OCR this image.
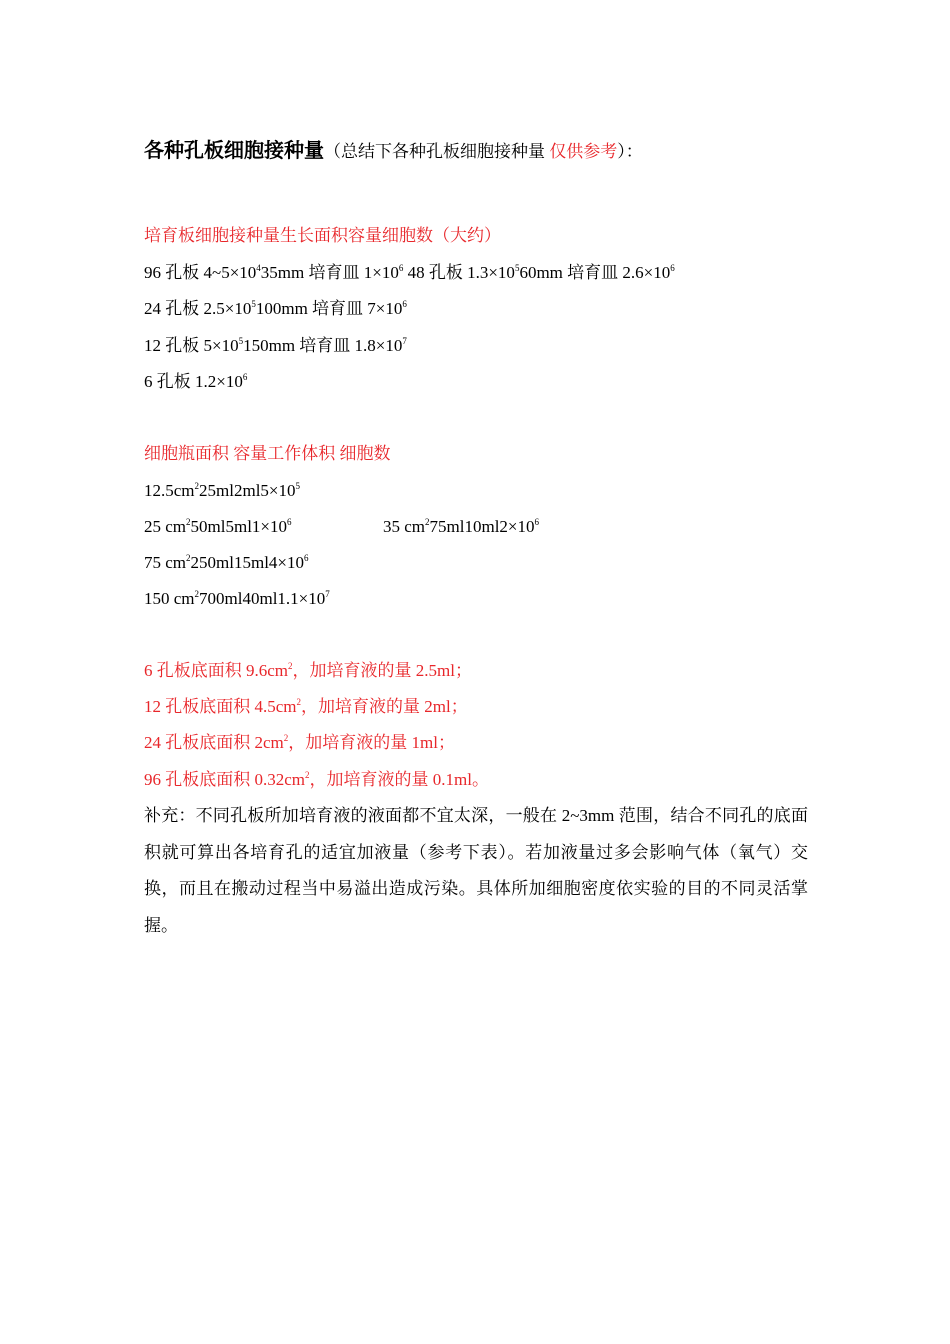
各种孔板细胞接种量（总结下各种孔板细胞接种量 仅供参考）：
培育板细胞接种量生长面积容量细胞数（大约）
96 孔板 $4\sim 5\times 10^435mm$ 培育皿 $1\times 10^6$ 48 孔板 $1.3\times 10^560mm$ 培育皿 $2.6\times 10^6$
24 孔板 $2.5\times 10^5100mm$ 培育皿 $7\times 10^6$
12 孔板 $5\times 10^5150mm$ 培育皿 $1.8\times 10^7$
6 孔板 $1.2\times 10^6$
细胞瓶面积 容量工作体积 细胞数
$12.5cm^225ml2ml5\times 10^5$
25 $cm^250ml5ml1\times 10^6$	35 $cm^275ml10ml2\times 10^6$
75 $cm^2250ml15ml4\times 10^6$
150 $cm^2700ml40ml1.1\times 10^7$
6 孔板底面积 $9.6cm^2$，加培育液的量 2.5ml；
12 孔板底面积 $4.5cm^2$，加培育液的量 2ml；
24 孔板底面积 $2cm^2$，加培育液的量 1ml；
96 孔板底面积 $0.32cm^2$，加培育液的量 0.1ml。
补充：不同孔板所加培育液的液面都不宜太深，一般在 2~3mm 范围，结合不同孔的底面积就可算出各培育孔的适宜加液量（参考下表）。若加液量过多会影响气体（氧气）交换，而且在搬动过程当中易溢出造成污染。具体所加细胞密度依实验的目的不同灵活掌握。
